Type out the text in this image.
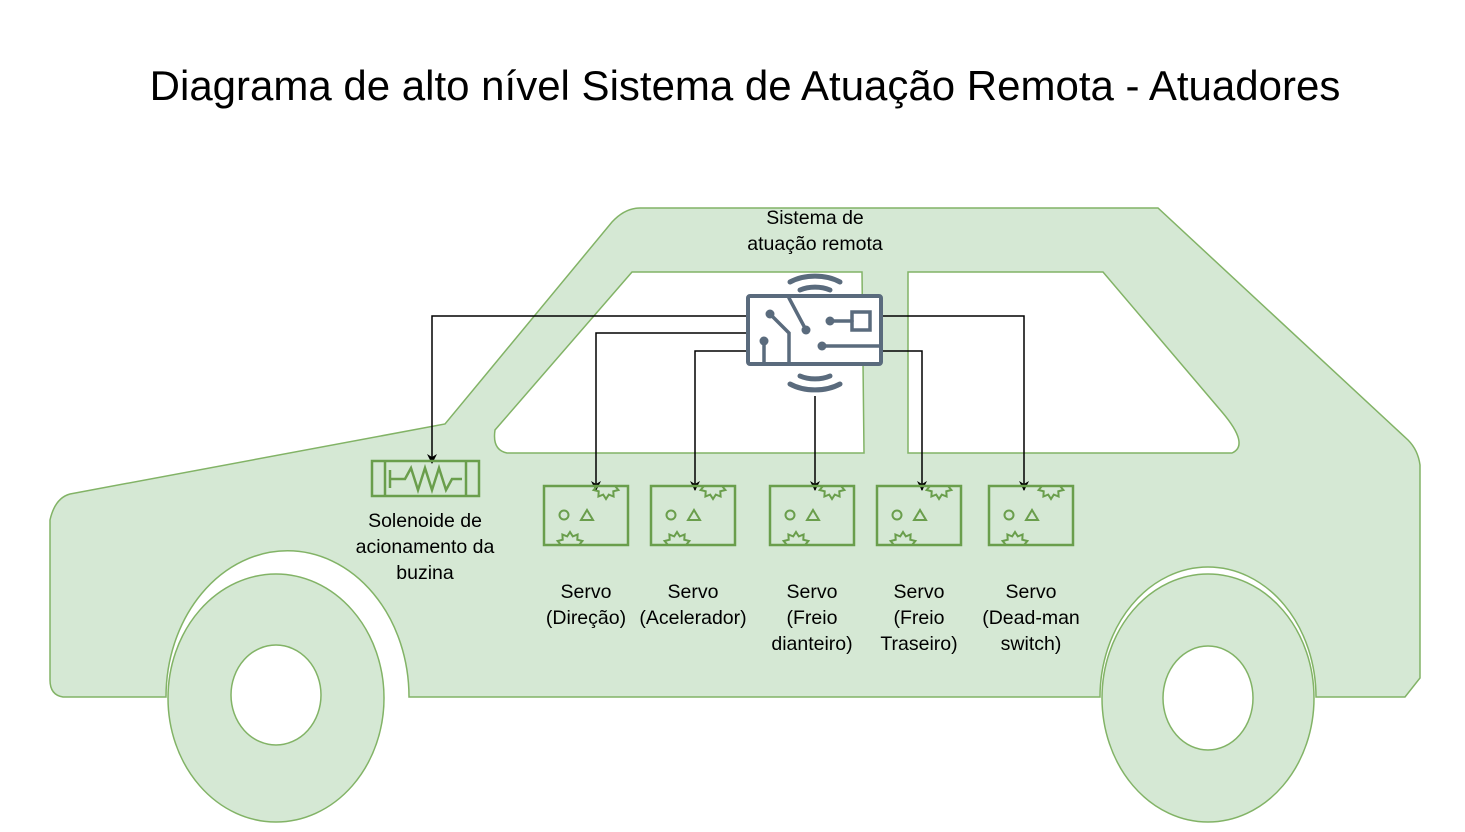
Diagrama de alto nível Sistema de Atuação Remota - Atuadores
Sistema de
atuação remota
Solenoide de
acionamento da
buzina
Servo
(Direção)
Servo
(Acelerador)
Servo
(Freio
dianteiro)
Servo
(Freio
Traseiro)
Servo
(Dead-man
switch)
